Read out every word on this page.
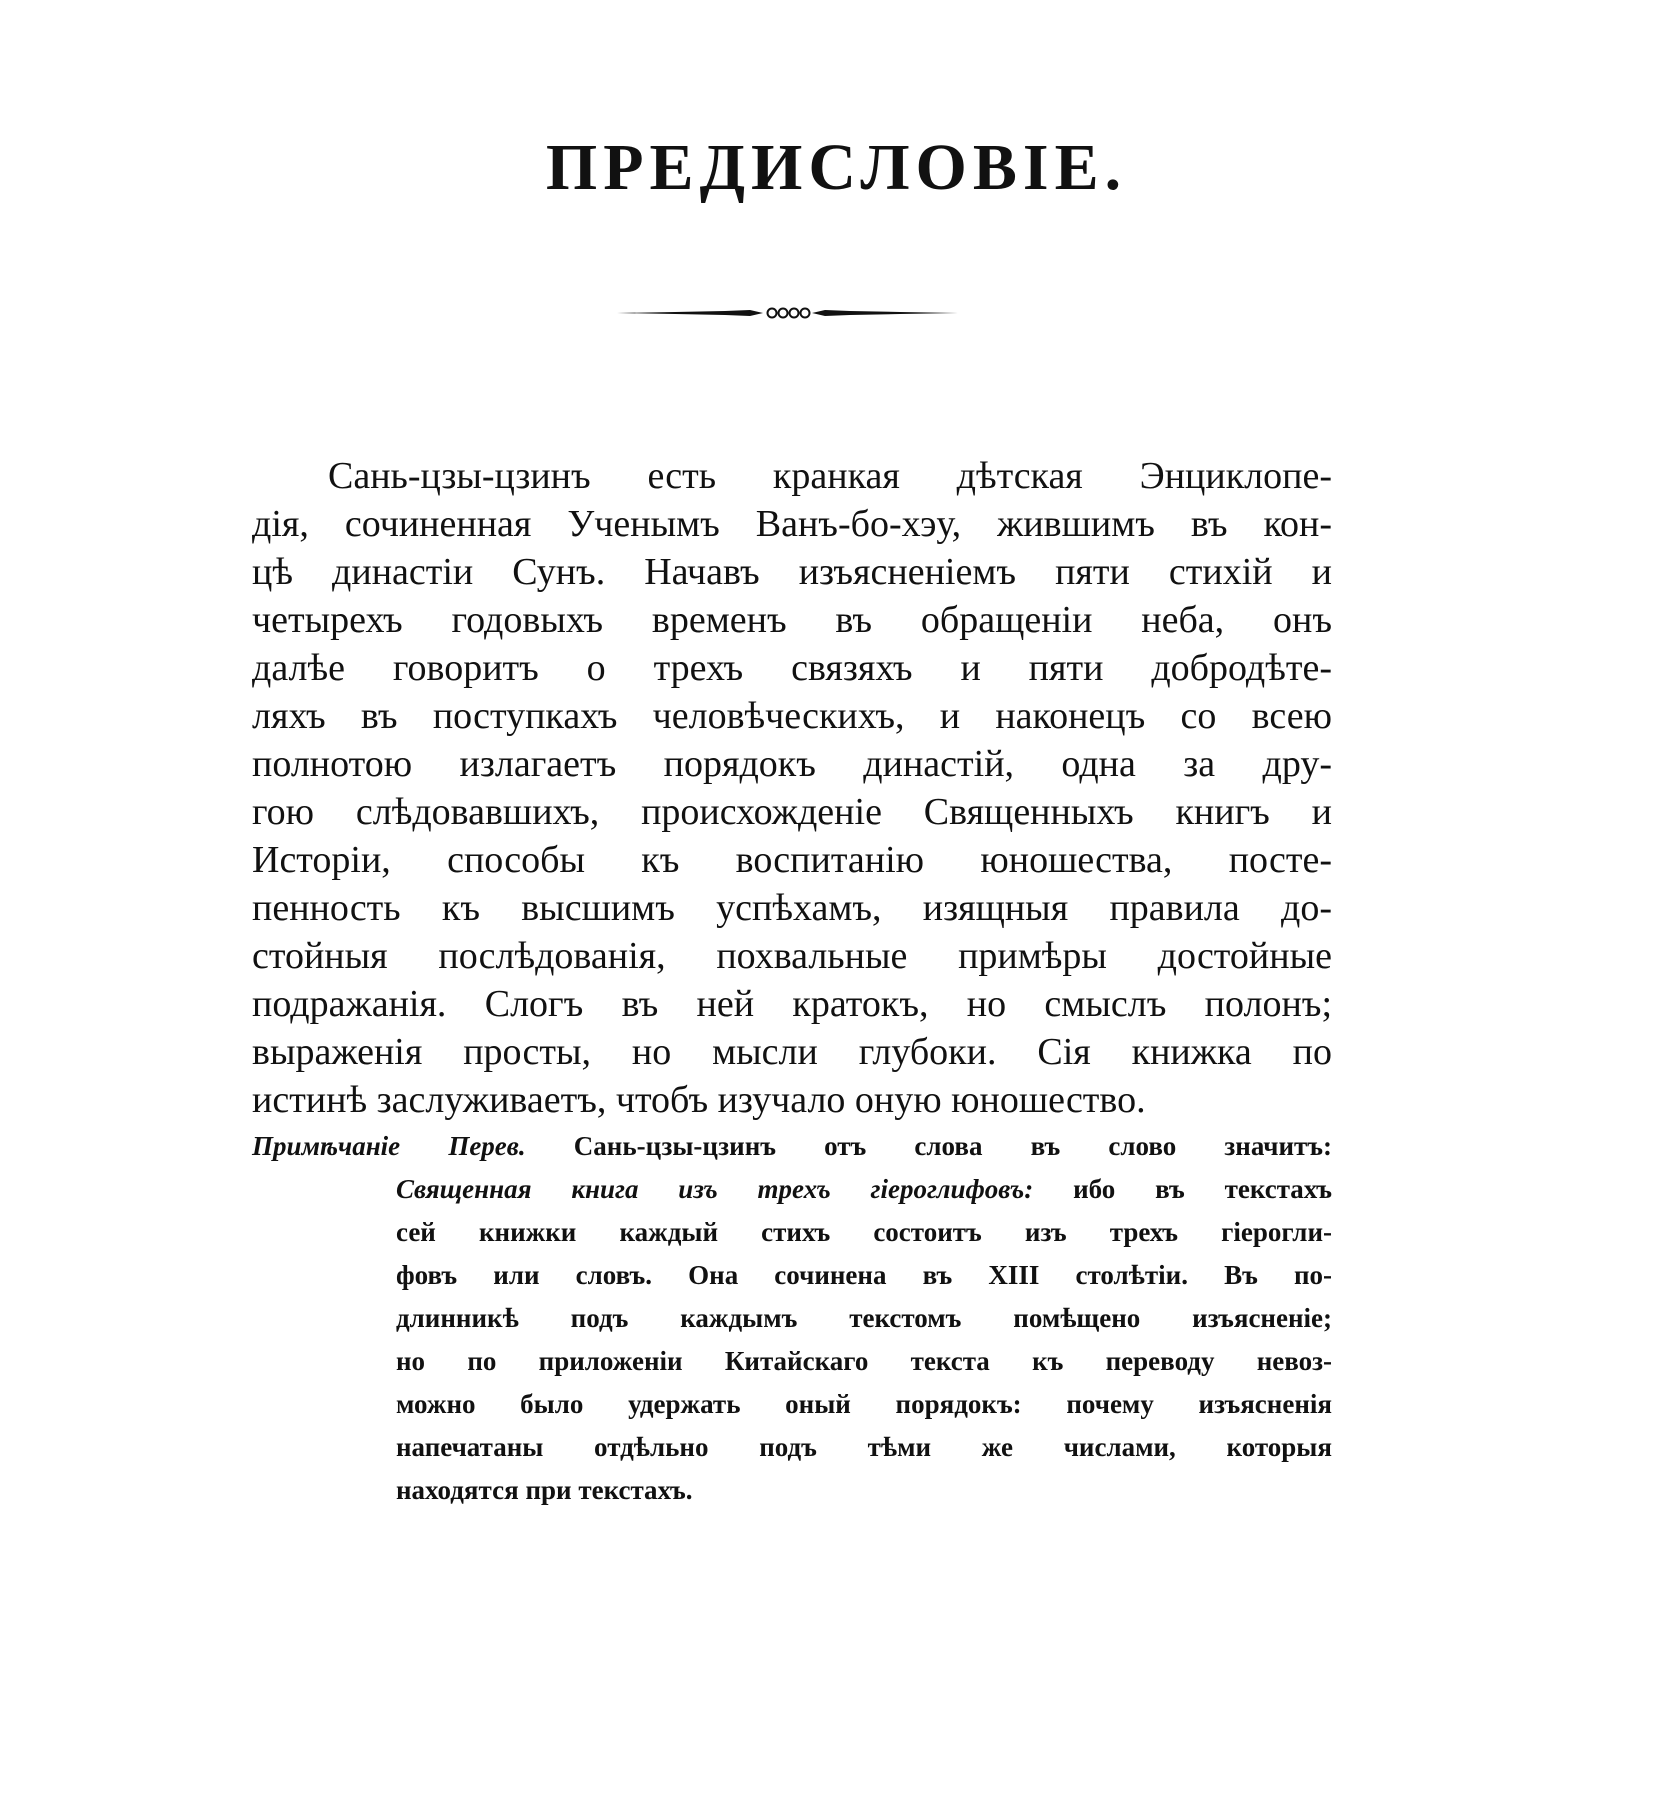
ПРЕДИСЛОВІЕ.
Сань-цзы-цзинъ есть кранкая дѣтская Энциклопе-
дія, сочиненная Ученымъ Ванъ-бо-хэу, жившимъ въ кон-
цѣ династіи Сунъ. Начавъ изъясненіемъ пяти стихій и
четырехъ годовыхъ временъ въ обращеніи неба, онъ
далѣе говоритъ о трехъ связяхъ и пяти добродѣте-
ляхъ въ поступкахъ человѣческихъ, и наконецъ со всею
полнотою излагаетъ порядокъ династій, одна за дру-
гою слѣдовавшихъ, происхожденіе Священныхъ книгъ и
Исторіи, способы къ воспитанію юношества, посте-
пенность къ высшимъ успѣхамъ, изящныя правила до-
стойныя послѣдованія, похвальные примѣры достойные
подражанія. Слогъ въ ней кратокъ, но смыслъ полонъ;
выраженія просты, но мысли глубоки. Сія книжка по
истинѣ заслуживаетъ, чтобъ изучало оную юношество.
Примѣчаніе Перев. Сань-цзы-цзинъ отъ слова въ слово значитъ:
Священная книга изъ трехъ гіероглифовъ: ибо въ текстахъ
сей книжки каждый стихъ состоитъ изъ трехъ гіерогли-
фовъ или словъ. Она сочинена въ XIII столѣтіи. Въ по-
длинникѣ подъ каждымъ текстомъ помѣщено изъясненіе;
но по приложеніи Китайскаго текста къ переводу невоз-
можно было удержать оный порядокъ: почему изъясненія
напечатаны отдѣльно подъ тѣми же числами, которыя
находятся при текстахъ.
